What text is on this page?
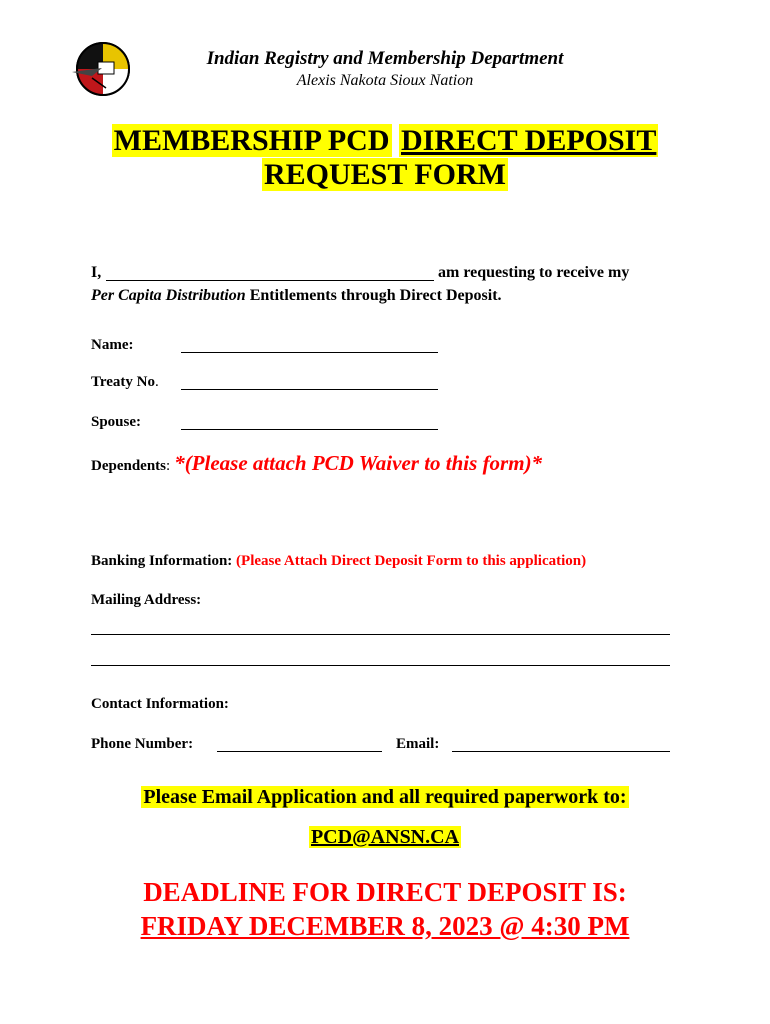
Indian Registry and Membership Department
Alexis Nakota Sioux Nation
MEMBERSHIP PCD DIRECT DEPOSIT
REQUEST FORM
I,	am requesting to receive my
Per Capita Distribution Entitlements through Direct Deposit.
Name:
Treaty No.
Spouse:
Dependents: *(Please attach PCD Waiver to this form)*
Banking Information: (Please Attach Direct Deposit Form to this application)
Mailing Address:
Contact Information:
Phone Number:	Email:
Please Email Application and all required paperwork to:
PCD@ANSN.CA
DEADLINE FOR DIRECT DEPOSIT IS:
FRIDAY DECEMBER 8, 2023 @ 4:30 PM
